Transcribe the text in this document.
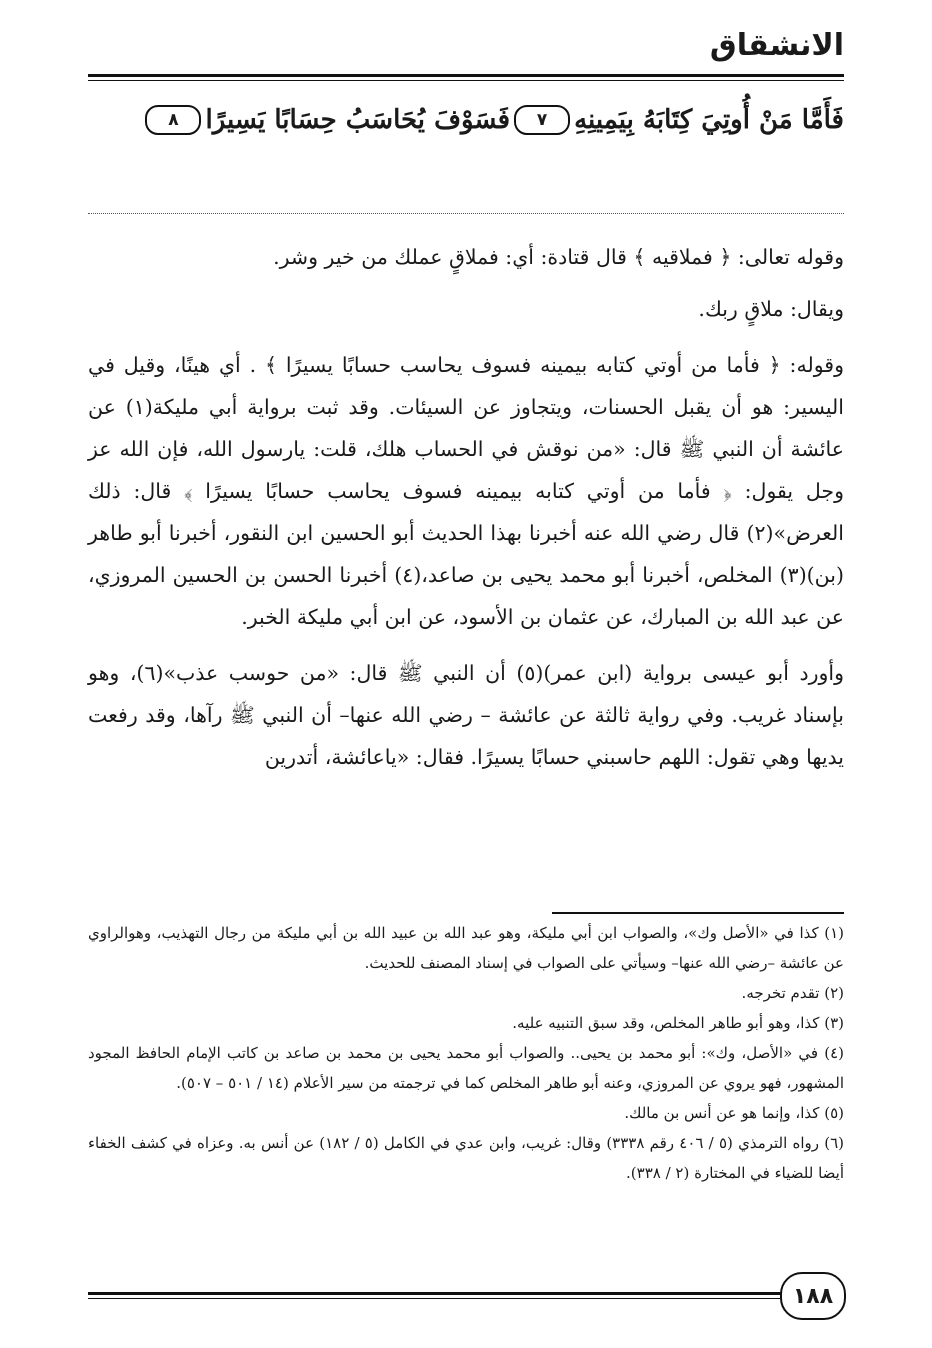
الانشقاق
فَأَمَّا مَنْ أُوتِيَ كِتَابَهُ بِيَمِينِهِ
٧
فَسَوْفَ يُحَاسَبُ حِسَابًا يَسِيرًا
٨

وقوله تعالى: ﴿ فملاقيه ﴾ قال قتادة: أي: فملاقٍ عملك من خير وشر.

ويقال: ملاقٍ ربك.

وقوله: ﴿ فأما من أوتي كتابه بيمينه فسوف يحاسب حسابًا يسيرًا ﴾ . أي هينًا، وقيل في اليسير: هو أن يقبل الحسنات، ويتجاوز عن السيئات. وقد ثبت برواية أبي مليكة(١) عن عائشة أن النبي ﷺ قال: «من نوقش في الحساب هلك، قلت: يارسول الله، فإن الله عز وجل يقول: ﴿ فأما من أوتي كتابه بيمينه فسوف يحاسب حسابًا يسيرًا ﴾ قال: ذلك العرض»(٢) قال رضي الله عنه أخبرنا بهذا الحديث أبو الحسين ابن النقور، أخبرنا أبو طاهر (بن)(٣) المخلص، أخبرنا أبو محمد يحيى بن صاعد،(٤) أخبرنا الحسن بن الحسين المروزي، عن عبد الله بن المبارك، عن عثمان بن الأسود، عن ابن أبي مليكة الخبر.

وأورد أبو عيسى برواية (ابن عمر)(٥) أن النبي ﷺ قال: «من حوسب عذب»(٦)، وهو بإسناد غريب. وفي رواية ثالثة عن عائشة – رضي الله عنها– أن النبي ﷺ رآها، وقد رفعت يديها وهي تقول: اللهم حاسبني حسابًا يسيرًا. فقال: «ياعائشة، أتدرين

(١) كذا في «الأصل وك»، والصواب ابن أبي مليكة، وهو عبد الله بن عبيد الله بن أبي مليكة من رجال التهذيب، وهوالراوي عن عائشة –رضي الله عنها– وسيأتي على الصواب في إسناد المصنف للحديث.

(٢) تقدم تخرجه.

(٣) كذا، وهو أبو طاهر المخلص، وقد سبق التنبيه عليه.

(٤) في «الأصل، وك»: أبو محمد بن يحيى.. والصواب أبو محمد يحيى بن محمد بن صاعد بن كاتب الإمام الحافظ المجود المشهور، فهو يروي عن المروزي، وعنه أبو طاهر المخلص كما في ترجمته من سير الأعلام (١٤ / ٥٠١ – ٥٠٧).

(٥) كذا، وإنما هو عن أنس بن مالك.

(٦) رواه الترمذي (٥ / ٤٠٦ رقم ٣٣٣٨) وقال: غريب، وابن عدي في الكامل (٥ / ١٨٢) عن أنس به. وعزاه في كشف الخفاء أيضا للضياء في المختارة (٢ / ٣٣٨).

١٨٨
